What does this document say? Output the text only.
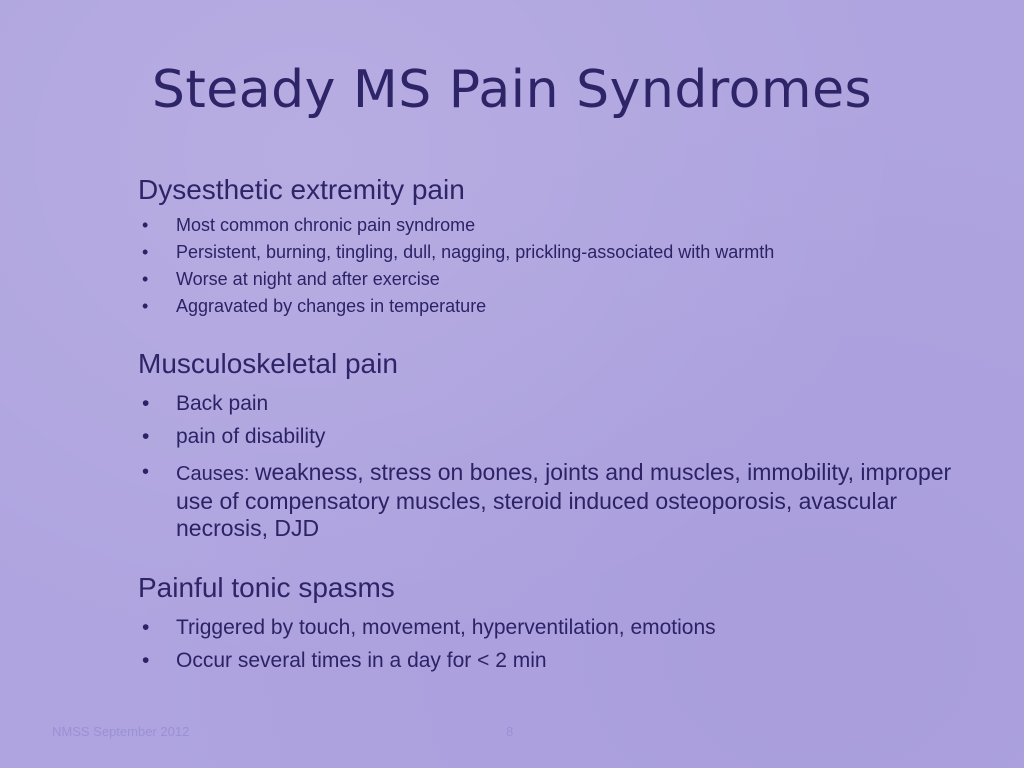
Steady MS Pain Syndromes

Dysesthetic extremity pain

• Most common chronic pain syndrome
• Persistent, burning, tingling, dull, nagging, prickling-associated with warmth
• Worse at night and after exercise
• Aggravated by changes in temperature

Musculoskeletal pain

• Back pain
• pain of disability
• Causes: weakness, stress on bones, joints and muscles, immobility, improper use of compensatory muscles, steroid induced osteoporosis, avascular necrosis, DJD

Painful tonic spasms

• Triggered by touch, movement, hyperventilation, emotions
• Occur several times in a day for < 2 min
NMSS September 2012	8
